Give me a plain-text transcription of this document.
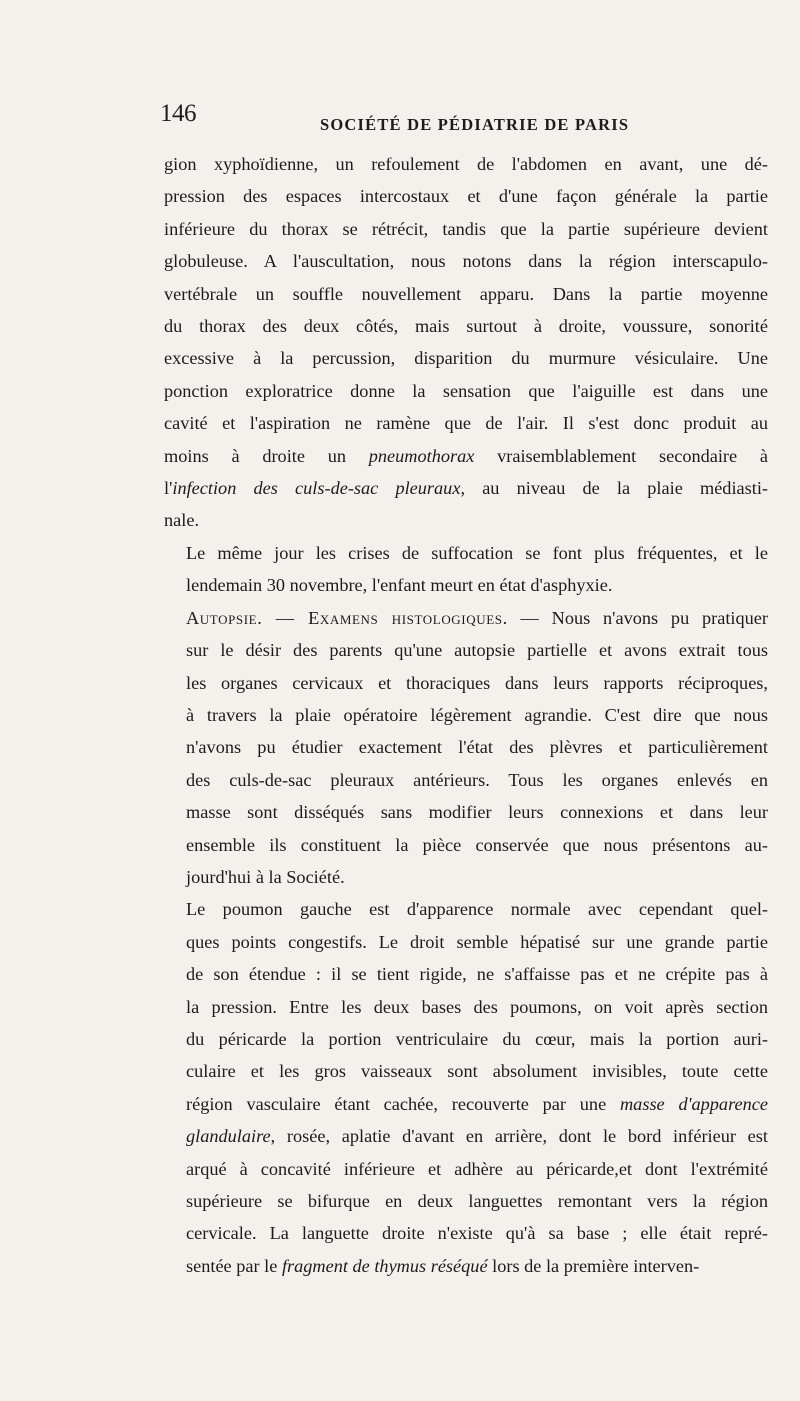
146	SOCIÉTÉ DE PÉDIATRIE DE PARIS

gion xyphoïdienne, un refoulement de l'abdomen en avant, une dé-
pression des espaces intercostaux et d'une façon générale la partie
inférieure du thorax se rétrécit, tandis que la partie supérieure devient
globuleuse. A l'auscultation, nous notons dans la région interscapulo-
vertébrale un souffle nouvellement apparu. Dans la partie moyenne
du thorax des deux côtés, mais surtout à droite, voussure, sonorité
excessive à la percussion, disparition du murmure vésiculaire. Une
ponction exploratrice donne la sensation que l'aiguille est dans une
cavité et l'aspiration ne ramène que de l'air. Il s'est donc produit au
moins à droite un pneumothorax vraisemblablement secondaire à
l'infection des culs-de-sac pleuraux, au niveau de la plaie médiasti-
nale.

Le même jour les crises de suffocation se font plus fréquentes, et le
lendemain 30 novembre, l'enfant meurt en état d'asphyxie.

Autopsie. — Examens histologiques. — Nous n'avons pu pratiquer
sur le désir des parents qu'une autopsie partielle et avons extrait tous
les organes cervicaux et thoraciques dans leurs rapports réciproques,
à travers la plaie opératoire légèrement agrandie. C'est dire que nous
n'avons pu étudier exactement l'état des plèvres et particulièrement
des culs-de-sac pleuraux antérieurs. Tous les organes enlevés en
masse sont disséqués sans modifier leurs connexions et dans leur
ensemble ils constituent la pièce conservée que nous présentons au-
jourd'hui à la Société.

Le poumon gauche est d'apparence normale avec cependant quel-
ques points congestifs. Le droit semble hépatisé sur une grande partie
de son étendue : il se tient rigide, ne s'affaisse pas et ne crépite pas à
la pression. Entre les deux bases des poumons, on voit après section
du péricarde la portion ventriculaire du cœur, mais la portion auri-
culaire et les gros vaisseaux sont absolument invisibles, toute cette
région vasculaire étant cachée, recouverte par une masse d'apparence
glandulaire, rosée, aplatie d'avant en arrière, dont le bord inférieur est
arqué à concavité inférieure et adhère au péricarde,et dont l'extrémité
supérieure se bifurque en deux languettes remontant vers la région
cervicale. La languette droite n'existe qu'à sa base ; elle était repré-
sentée par le fragment de thymus réséqué lors de la première interven-
